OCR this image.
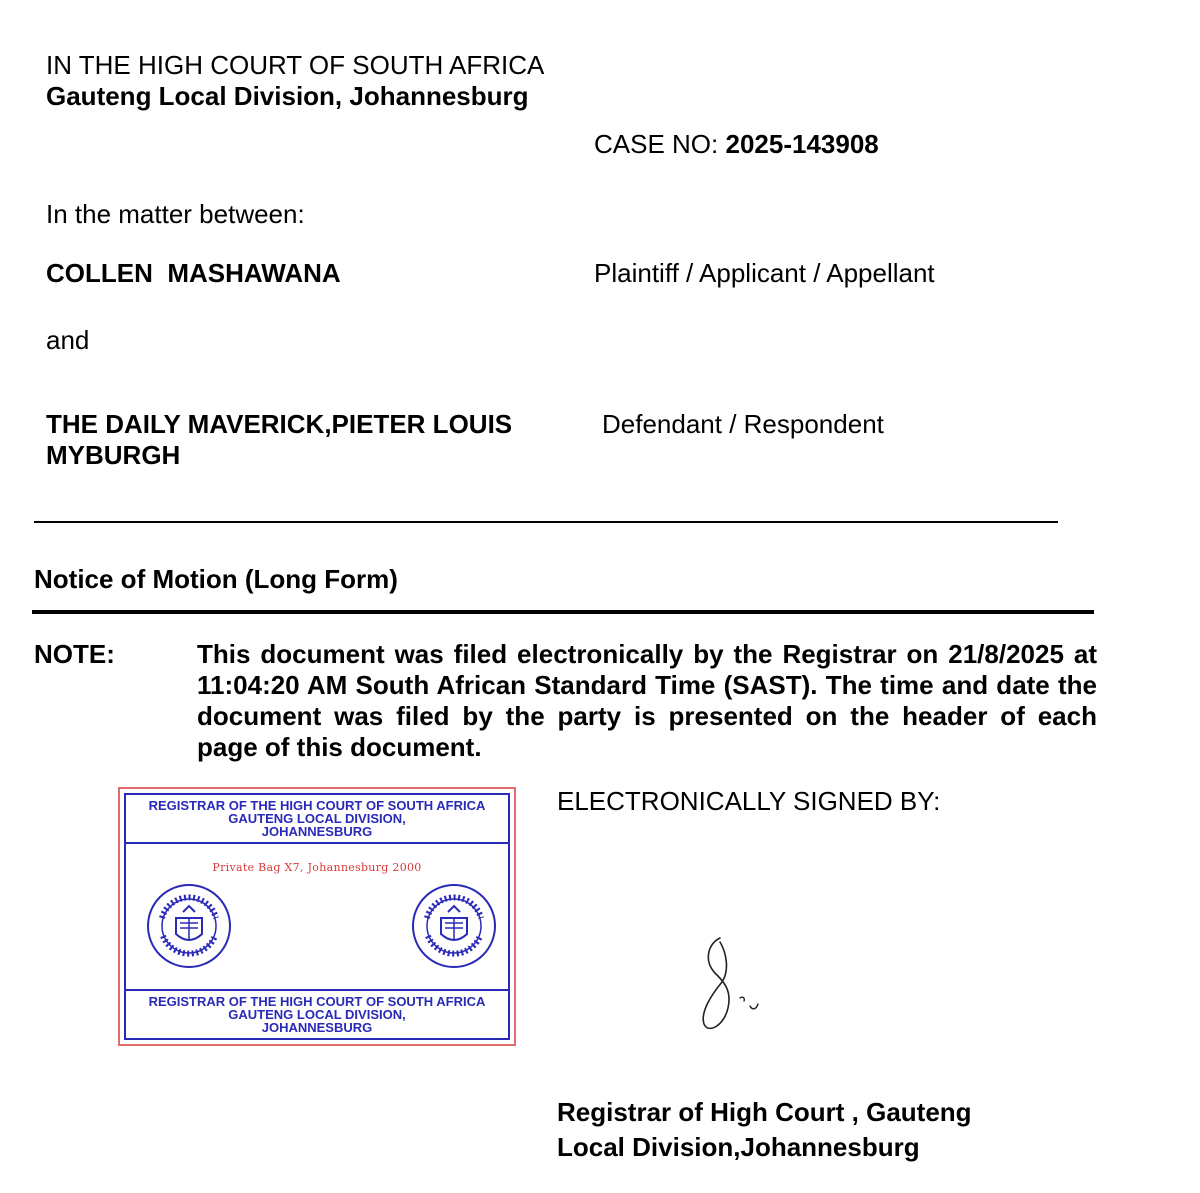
IN THE HIGH COURT OF SOUTH AFRICA
Gauteng Local Division, Johannesburg
CASE NO: 2025-143908
In the matter between:
COLLEN  MASHAWANA	Plaintiff / Applicant / Appellant
and
THE DAILY MAVERICK,PIETER LOUIS MYBURGH
Defendant / Respondent
Notice of Motion (Long Form)
NOTE:	This document was filed electronically by the Registrar on 21/8/2025 at 11:04:20 AM South African Standard Time (SAST). The time and date the document was filed by the party is presented on the header of each page of this document.
REGISTRAR OF THE HIGH COURT OF SOUTH AFRICA
GAUTENG LOCAL DIVISION,
JOHANNESBURG
Private Bag X7, Johannesburg 2000
REGISTRAR OF THE HIGH COURT OF SOUTH AFRICA
GAUTENG LOCAL DIVISION,
JOHANNESBURG
ELECTRONICALLY SIGNED BY:
Registrar of High Court , Gauteng
Local Division,Johannesburg
